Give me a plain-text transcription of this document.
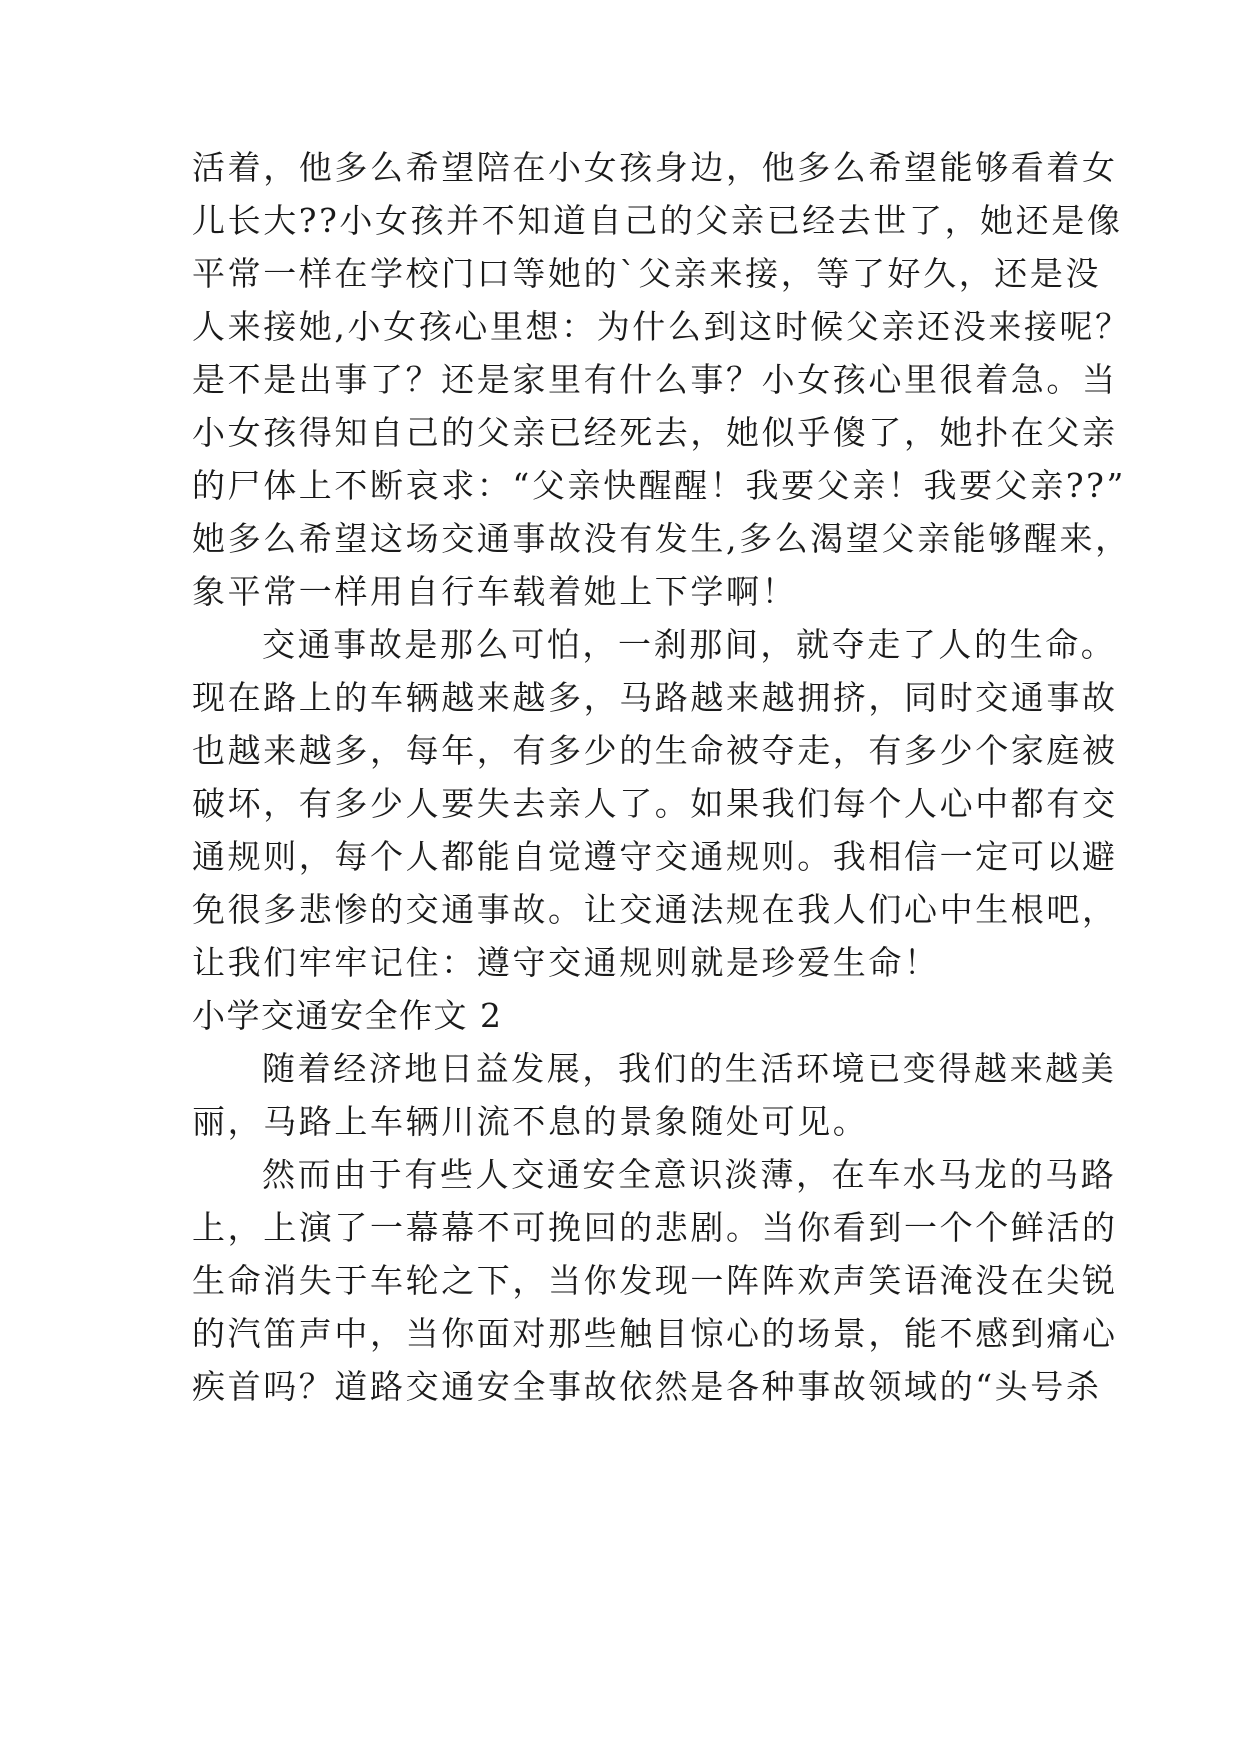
活着，他多么希望陪在小女孩身边，他多么希望能够看着女
儿长大??小女孩并不知道自己的父亲已经去世了，她还是像
平常一样在学校门口等她的`父亲来接，等了好久，还是没
人来接她,小女孩心里想：为什么到这时候父亲还没来接呢？
是不是出事了？还是家里有什么事？小女孩心里很着急。当
小女孩得知自己的父亲已经死去，她似乎傻了，她扑在父亲
的尸体上不断哀求：“父亲快醒醒！我要父亲！我要父亲??”
她多么希望这场交通事故没有发生,多么渴望父亲能够醒来，
象平常一样用自行车载着她上下学啊！
交通事故是那么可怕，一刹那间，就夺走了人的生命。
现在路上的车辆越来越多，马路越来越拥挤，同时交通事故
也越来越多，每年，有多少的生命被夺走，有多少个家庭被
破坏，有多少人要失去亲人了。如果我们每个人心中都有交
通规则，每个人都能自觉遵守交通规则。我相信一定可以避
免很多悲惨的交通事故。让交通法规在我人们心中生根吧，
让我们牢牢记住：遵守交通规则就是珍爱生命！
小学交通安全作文 2
随着经济地日益发展，我们的生活环境已变得越来越美
丽，马路上车辆川流不息的景象随处可见。
然而由于有些人交通安全意识淡薄，在车水马龙的马路
上，上演了一幕幕不可挽回的悲剧。当你看到一个个鲜活的
生命消失于车轮之下，当你发现一阵阵欢声笑语淹没在尖锐
的汽笛声中，当你面对那些触目惊心的场景，能不感到痛心
疾首吗？道路交通安全事故依然是各种事故领域的“头号杀
